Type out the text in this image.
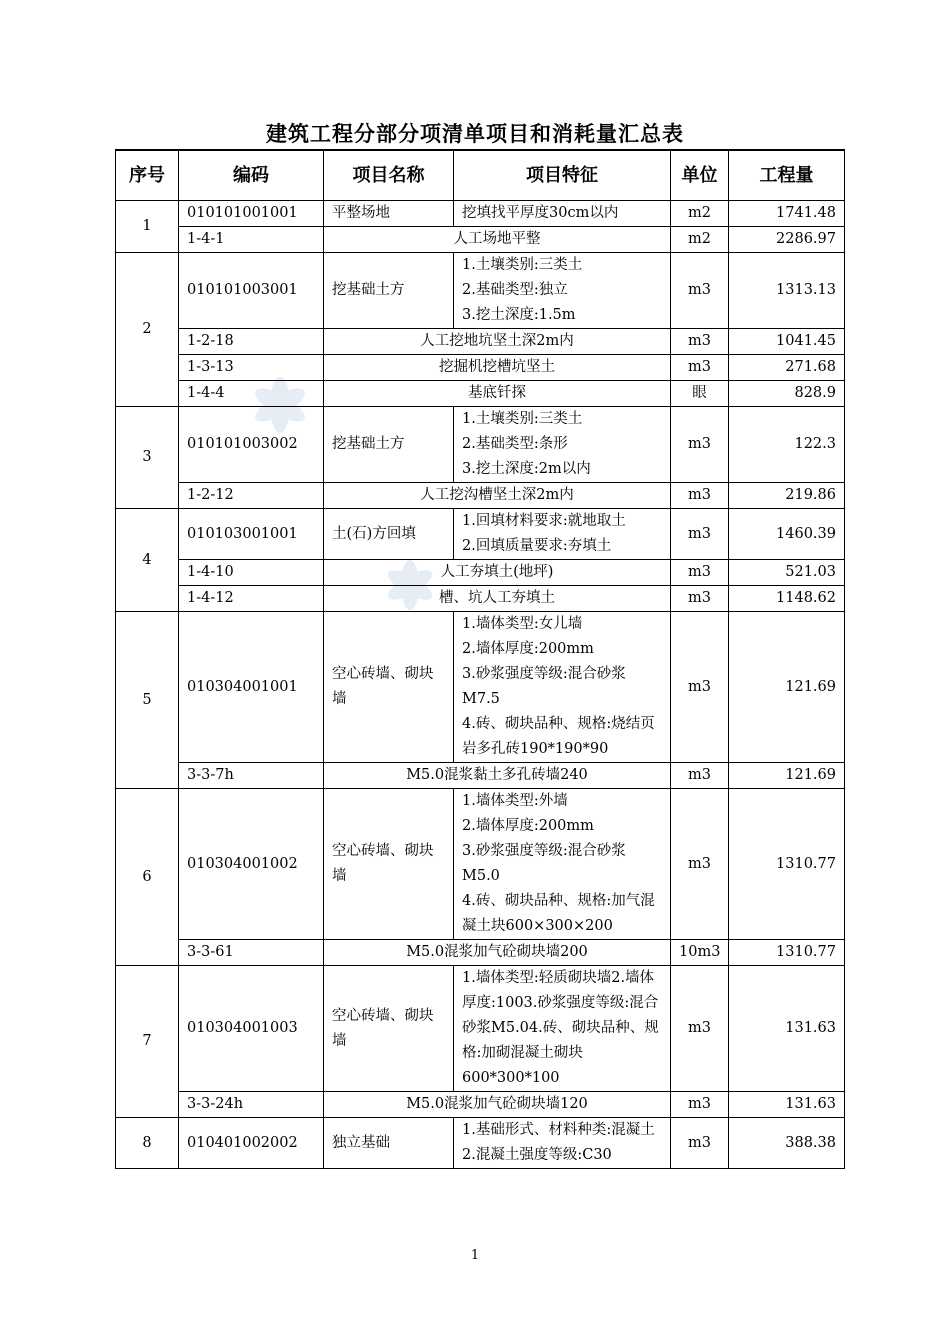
建筑工程分部分项清单项目和消耗量汇总表
序号	编码	项目名称	项目特征	单位	工程量
1	010101001001	平整场地	挖填找平厚度30cm以内	m2	1741.48
	1-4-1	人工场地平整		m2	2286.97
2	010101003001	挖基础土方	1.土壤类别:三类土
2.基础类型:独立
3.挖土深度:1.5m	m3	1313.13
	1-2-18	人工挖地坑坚土深2m内		m3	1041.45
	1-3-13	挖掘机挖槽坑坚土		m3	271.68
	1-4-4	基底钎探		眼	828.9
3	010101003002	挖基础土方	1.土壤类别:三类土
2.基础类型:条形
3.挖土深度:2m以内	m3	122.3
	1-2-12	人工挖沟槽坚土深2m内		m3	219.86
4	010103001001	土(石)方回填	1.回填材料要求:就地取土
2.回填质量要求:夯填土	m3	1460.39
	1-4-10	人工夯填土(地坪)		m3	521.03
	1-4-12	槽、坑人工夯填土		m3	1148.62
5	010304001001	空心砖墙、砌块墙	1.墙体类型:女儿墙
2.墙体厚度:200mm
3.砂浆强度等级:混合砂浆M7.5
4.砖、砌块品种、规格:烧结页岩多孔砖190*190*90	m3	121.69
	3-3-7h	M5.0混浆黏土多孔砖墙240		m3	121.69
6	010304001002	空心砖墙、砌块墙	1.墙体类型:外墙
2.墙体厚度:200mm
3.砂浆强度等级:混合砂浆M5.0
4.砖、砌块品种、规格:加气混凝土块600×300×200	m3	1310.77
	3-3-61	M5.0混浆加气砼砌块墙200		10m3	1310.77
7	010304001003	空心砖墙、砌块墙	1.墙体类型:轻质砌块墙2.墙体厚度:1003.砂浆强度等级:混合砂浆M5.04.砖、砌块品种、规格:加砌混凝土砌块600*300*100	m3	131.63
	3-3-24h	M5.0混浆加气砼砌块墙120		m3	131.63
8	010401002002	独立基础	1.基础形式、材料种类:混凝土
2.混凝土强度等级:C30	m3	388.38
1
